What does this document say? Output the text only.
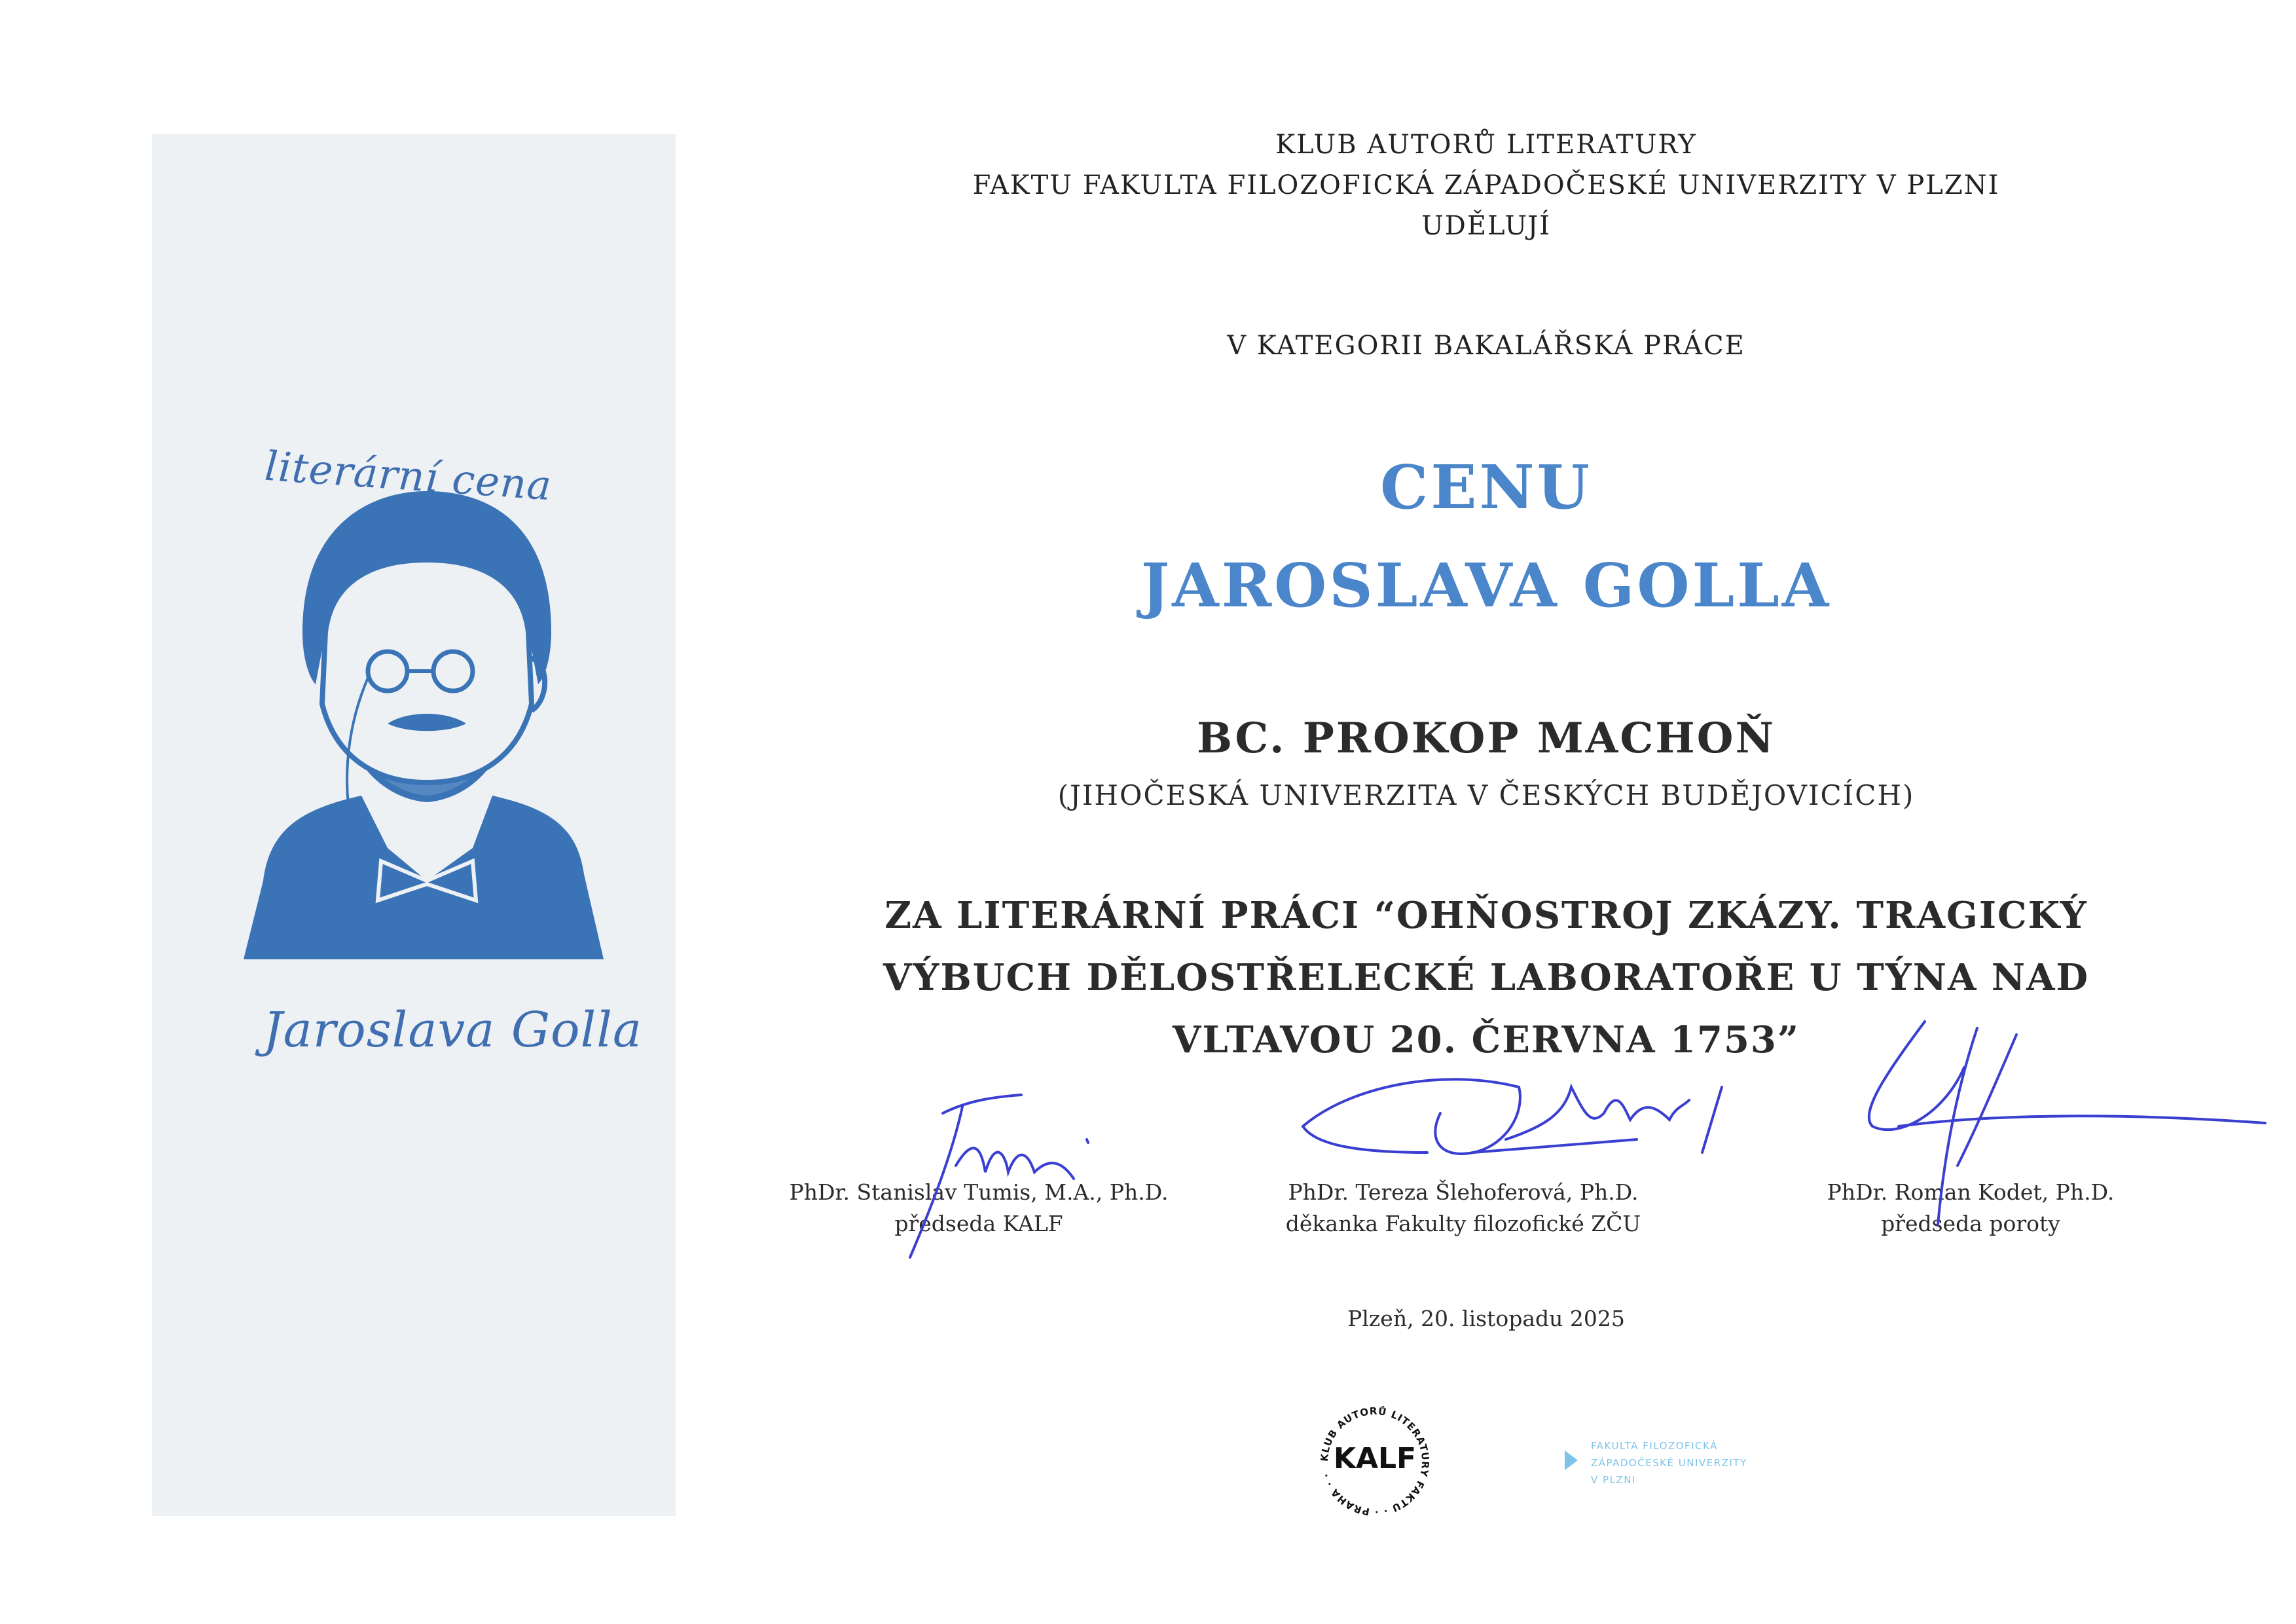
literární cena
Jaroslava Golla
KLUB AUTORŮ LITERATURY
FAKTU FAKULTA FILOZOFICKÁ ZÁPADOČESKÉ UNIVERZITY V PLZNI
UDĚLUJÍ
V KATEGORII BAKALÁŘSKÁ PRÁCE
CENU
JAROSLAVA GOLLA
BC. PROKOP MACHOŇ
(JIHOČESKÁ UNIVERZITA V ČESKÝCH BUDĚJOVICÍCH)
ZA LITERÁRNÍ PRÁCI “OHŇOSTROJ ZKÁZY. TRAGICKÝ
VÝBUCH DĚLOSTŘELECKÉ LABORATOŘE U TÝNA NAD
VLTAVOU 20. ČERVNA 1753”
PhDr. Stanislav Tumis, M.A., Ph.D.
předseda KALF
PhDr. Tereza Šlehoferová, Ph.D.
děkanka Fakulty filozofické ZČU
PhDr. Roman Kodet, Ph.D.
předseda poroty
Plzeň, 20. listopadu 2025
KLUB AUTORŮ LITERATURY FAKTU · · PRAHA · · KALF	FAKULTA FILOZOFICKÁ
ZÁPADOČESKÉ UNIVERZITY
V PLZNI
